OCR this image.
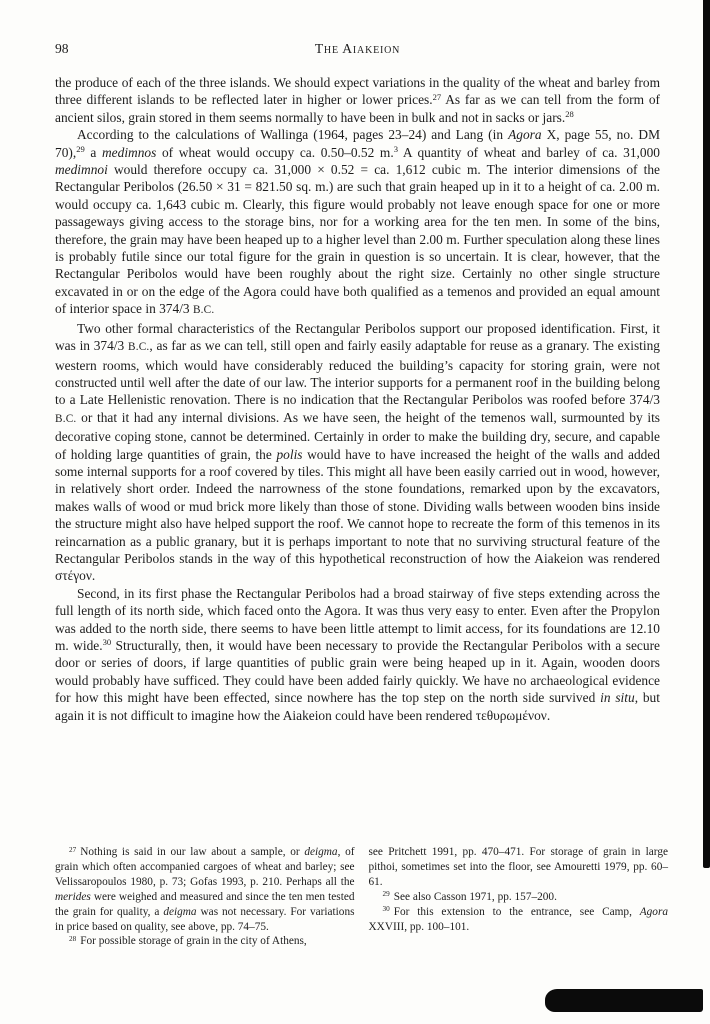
98	The Aiakeion

the produce of each of the three islands. We should expect variations in the quality of the wheat and barley from three different islands to be reflected later in higher or lower prices.$^{27}$ As far as we can tell from the form of ancient silos, grain stored in them seems normally to have been in bulk and not in sacks or jars.$^{28}$

According to the calculations of Wallinga (1964, pages 23–24) and Lang (in Agora X, page 55, no. DM 70),$^{29}$ a medimnos of wheat would occupy ca. 0.50–0.52 m.$^3$ A quantity of wheat and barley of ca. 31,000 medimnoi would therefore occupy ca. 31,000 × 0.52 = ca. 1,612 cubic m. The interior dimensions of the Rectangular Peribolos (26.50 × 31 = 821.50 sq. m.) are such that grain heaped up in it to a height of ca. 2.00 m. would occupy ca. 1,643 cubic m. Clearly, this figure would probably not leave enough space for one or more passageways giving access to the storage bins, nor for a working area for the ten men. In some of the bins, therefore, the grain may have been heaped up to a higher level than 2.00 m. Further speculation along these lines is probably futile since our total figure for the grain in question is so uncertain. It is clear, however, that the Rectangular Peribolos would have been roughly about the right size. Certainly no other single structure excavated in or on the edge of the Agora could have both qualified as a temenos and provided an equal amount of interior space in 374/3 B.C.

Two other formal characteristics of the Rectangular Peribolos support our proposed identification. First, it was in 374/3 B.C., as far as we can tell, still open and fairly easily adaptable for reuse as a granary. The existing western rooms, which would have considerably reduced the building’s capacity for storing grain, were not constructed until well after the date of our law. The interior supports for a permanent roof in the building belong to a Late Hellenistic renovation. There is no indication that the Rectangular Peribolos was roofed before 374/3 B.C. or that it had any internal divisions. As we have seen, the height of the temenos wall, surmounted by its decorative coping stone, cannot be determined. Certainly in order to make the building dry, secure, and capable of holding large quantities of grain, the polis would have to have increased the height of the walls and added some internal supports for a roof covered by tiles. This might all have been easily carried out in wood, however, in relatively short order. Indeed the narrowness of the stone foundations, remarked upon by the excavators, makes walls of wood or mud brick more likely than those of stone. Dividing walls between wooden bins inside the structure might also have helped support the roof. We cannot hope to recreate the form of this temenos in its reincarnation as a public granary, but it is perhaps important to note that no surviving structural feature of the Rectangular Peribolos stands in the way of this hypothetical reconstruction of how the Aiakeion was rendered στέγον.

Second, in its first phase the Rectangular Peribolos had a broad stairway of five steps extending across the full length of its north side, which faced onto the Agora. It was thus very easy to enter. Even after the Propylon was added to the north side, there seems to have been little attempt to limit access, for its foundations are 12.10 m. wide.$^{30}$ Structurally, then, it would have been necessary to provide the Rectangular Peribolos with a secure door or series of doors, if large quantities of public grain were being heaped up in it. Again, wooden doors would probably have sufficed. They could have been added fairly quickly. We have no archaeological evidence for how this might have been effected, since nowhere has the top step on the north side survived in situ, but again it is not difficult to imagine how the Aiakeion could have been rendered τεθυρωμένον.

$^{27}$ Nothing is said in our law about a sample, or deigma, of grain which often accompanied cargoes of wheat and barley; see Velissaropoulos 1980, p. 73; Gofas 1993, p. 210. Perhaps all the merides were weighed and measured and since the ten men tested the grain for quality, a deigma was not necessary. For variations in price based on quality, see above, pp. 74–75.

$^{28}$ For possible storage of grain in the city of Athens,

see Pritchett 1991, pp. 470–471. For storage of grain in large pithoi, sometimes set into the floor, see Amouretti 1979, pp. 60–61.

$^{29}$ See also Casson 1971, pp. 157–200.

$^{30}$ For this extension to the entrance, see Camp, Agora XXVIII, pp. 100–101.
